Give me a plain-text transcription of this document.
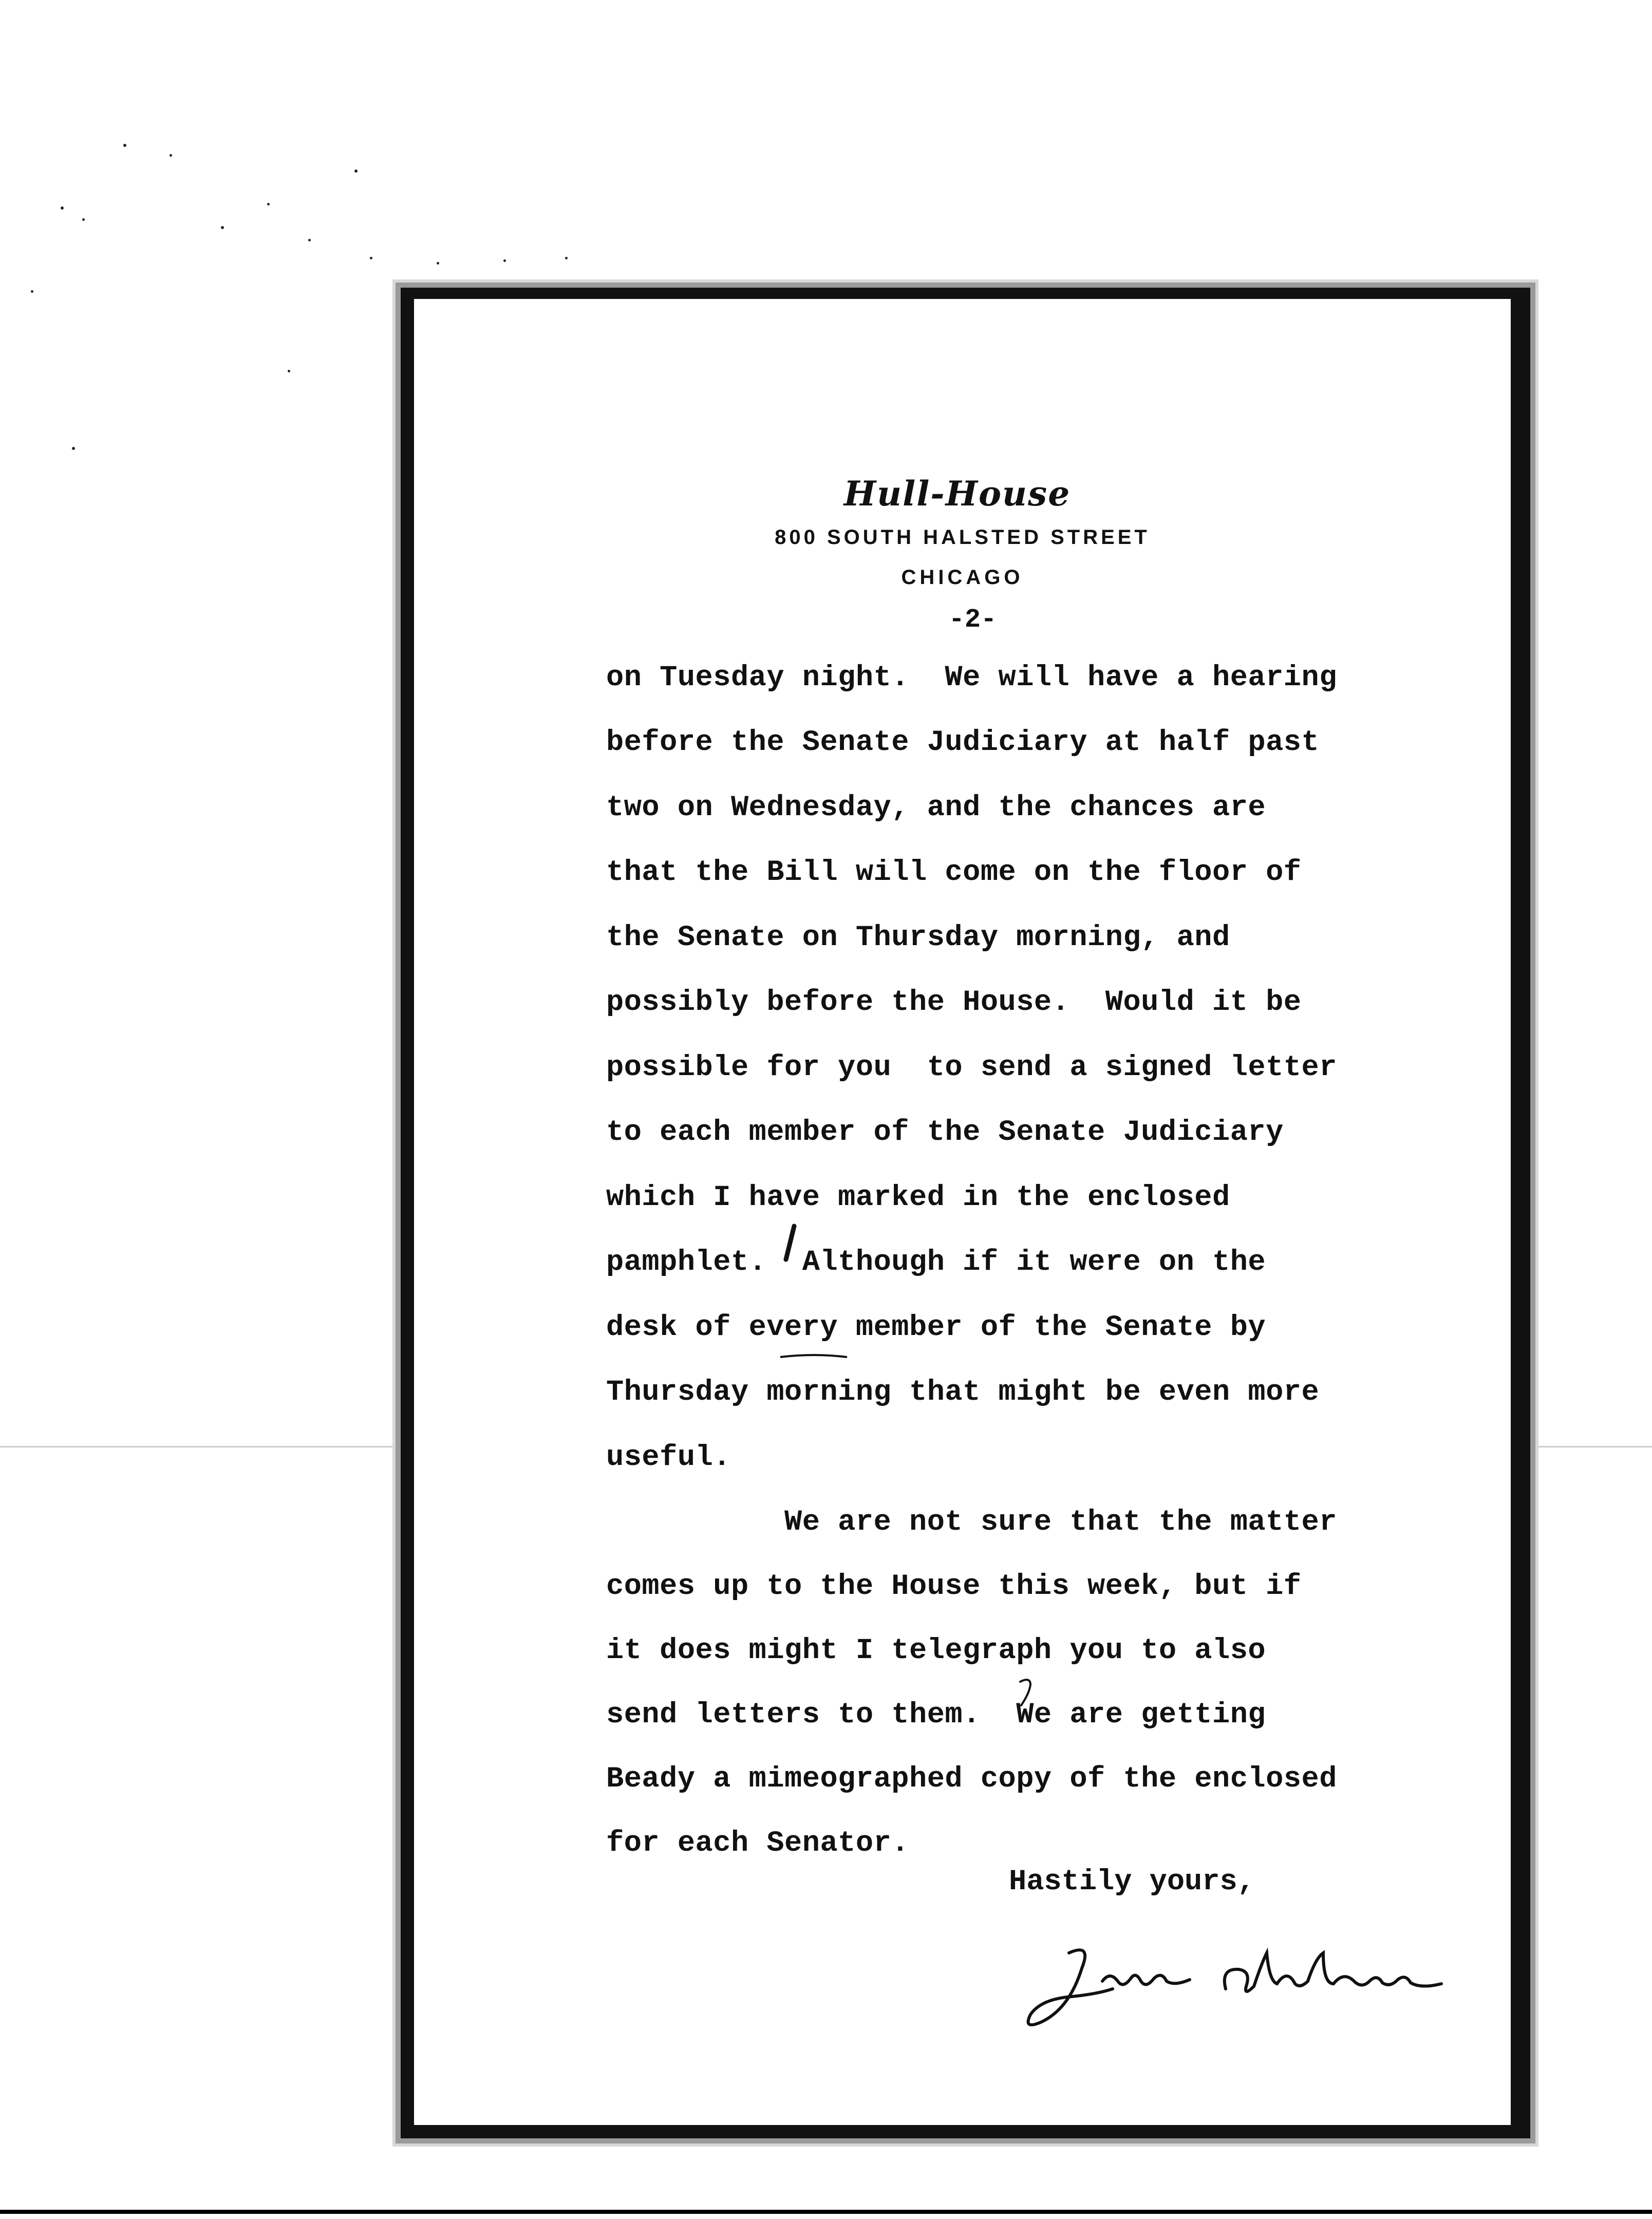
Hull-House
800 SOUTH HALSTED STREET
CHICAGO
-2-
on Tuesday night.  We will have a hearing
before the Senate Judiciary at half past
two on Wednesday, and the chances are
that the Bill will come on the floor of
the Senate on Thursday morning, and
possibly before the House.  Would it be
possible for you  to send a signed letter
to each member of the Senate Judiciary
which I have marked in the enclosed
pamphlet.  Although if it were on the
desk of every member of the Senate by
Thursday morning that might be even more
useful.
We are not sure that the matter
comes up to the House this week, but if
it does might I telegraph you to also
send letters to them.  We are getting
Beady a mimeographed copy of the enclosed
for each Senator.
Hastily yours,
